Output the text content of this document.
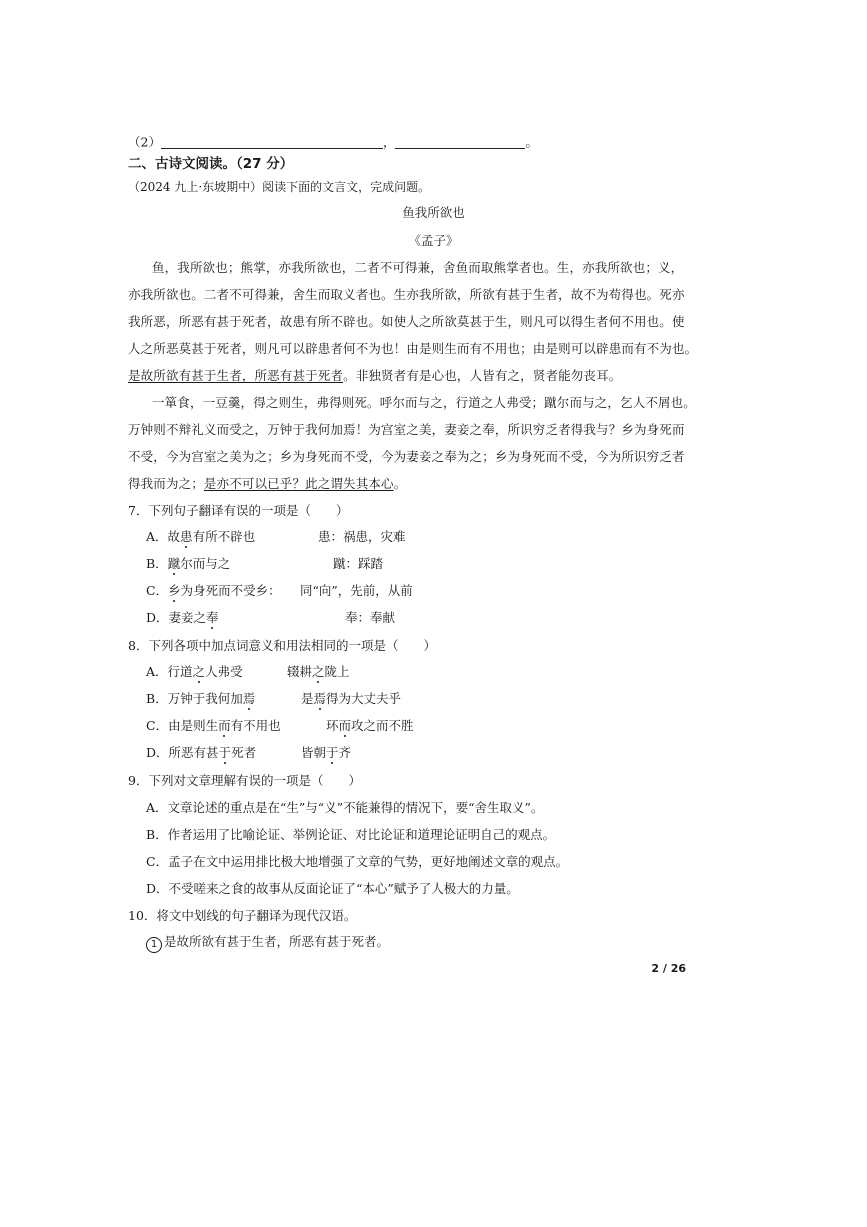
（2）	，	。
二、古诗文阅读。（27 分）
（2024 九上·东坡期中）阅读下面的文言文，完成问题。
鱼我所欲也
《孟子》
鱼，我所欲也；熊掌，亦我所欲也，二者不可得兼，舍鱼而取熊掌者也。生，亦我所欲也；义，
亦我所欲也。二者不可得兼，舍生而取义者也。生亦我所欲，所欲有甚于生者，故不为苟得也。死亦
我所恶，所恶有甚于死者，故患有所不辟也。如使人之所欲莫甚于生，则凡可以得生者何不用也。使
人之所恶莫甚于死者，则凡可以辟患者何不为也！由是则生而有不用也；由是则可以辟患而有不为也。
是故所欲有甚于生者，所恶有甚于死者。非独贤者有是心也，人皆有之，贤者能勿丧耳。
一箪食，一豆羹，得之则生，弗得则死。呼尔而与之，行道之人弗受；蹴尔而与之，乞人不屑也。
万钟则不辩礼义而受之，万钟于我何加焉！为宫室之美，妻妾之奉，所识穷乏者得我与？乡为身死而
不受，今为宫室之美为之；乡为身死而不受，今为妻妾之奉为之；乡为身死而不受，今为所识穷乏者
得我而为之；是亦不可以已乎？此之谓失其本心。
7．下列句子翻译有误的一项是（　　）
A．故患有所不辟也	患：祸患，灾难
B．蹴尔而与之	蹴：踩踏
C．乡为身死而不受乡： 同“向”，先前，从前
D．妻妾之奉	奉：奉献
8．下列各项中加点词意义和用法相同的一项是（　　）
A．行道之人弗受	辍耕之陇上
B．万钟于我何加焉	是焉得为大丈夫乎
C．由是则生而有不用也	环而攻之而不胜
D．所恶有甚于死者	皆朝于齐
9．下列对文章理解有误的一项是（　　）
A．文章论述的重点是在“生”与“义”不能兼得的情况下，要“舍生取义”。
B．作者运用了比喻论证、举例论证、对比论证和道理论证明自己的观点。
C．孟子在文中运用排比极大地增强了文章的气势，更好地阐述文章的观点。
D．不受嗟来之食的故事从反面论证了“本心”赋予了人极大的力量。
10．将文中划线的句子翻译为现代汉语。
1 是故所欲有甚于生者，所恶有甚于死者。
2 / 26
